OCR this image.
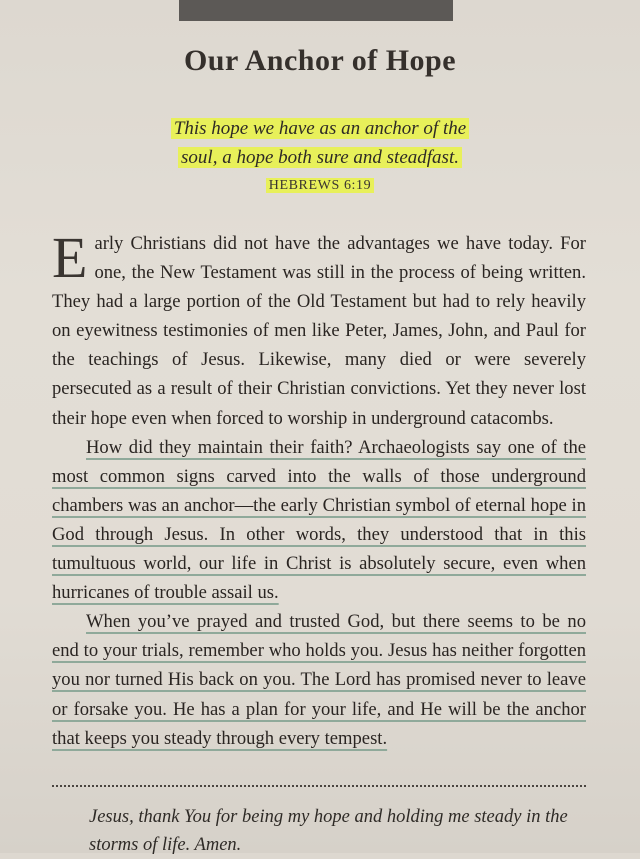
Our Anchor of Hope
This hope we have as an anchor of the
soul, a hope both sure and steadfast.
HEBREWS 6:19

Early Christians did not have the advantages we have today. For one, the New Testament was still in the process of being written. They had a large portion of the Old Testament but had to rely heavily on eyewitness testimonies of men like Peter, James, John, and Paul for the teachings of Jesus. Likewise, many died or were severely persecuted as a result of their Christian convictions. Yet they never lost their hope even when forced to worship in underground catacombs.

How did they maintain their faith? Archaeologists say one of the most common signs carved into the walls of those underground chambers was an anchor—the early Christian symbol of eternal hope in God through Jesus. In other words, they understood that in this tumultuous world, our life in Christ is absolutely secure, even when hurricanes of trouble assail us.

When you’ve prayed and trusted God, but there seems to be no end to your trials, remember who holds you. Jesus has neither forgotten you nor turned His back on you. The Lord has promised never to leave or forsake you. He has a plan for your life, and He will be the anchor that keeps you steady through every tempest.

Jesus, thank You for being my hope and holding me steady in the storms of life. Amen.
